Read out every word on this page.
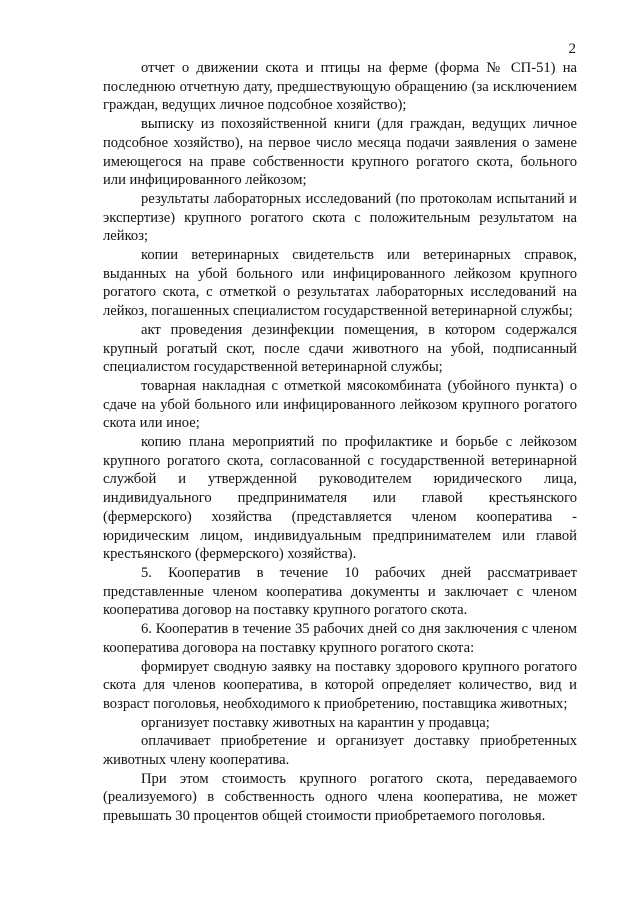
2

отчет о движении скота и птицы на ферме (форма № СП-51) на последнюю отчетную дату, предшествующую обращению (за исключением граждан, ведущих личное подсобное хозяйство);

выписку из похозяйственной книги (для граждан, ведущих личное подсобное хозяйство), на первое число месяца подачи заявления о замене имеющегося на праве собственности крупного рогатого скота, больного или инфицированного лейкозом;

результаты лабораторных исследований (по протоколам испытаний и экспертизе) крупного рогатого скота с положительным результатом на лейкоз;

копии ветеринарных свидетельств или ветеринарных справок, выданных на убой больного или инфицированного лейкозом крупного рогатого скота, с отметкой о результатах лабораторных исследований на лейкоз, погашенных специалистом государственной ветеринарной службы;

акт проведения дезинфекции помещения, в котором содержался крупный рогатый скот, после сдачи животного на убой, подписанный специалистом государственной ветеринарной службы;

товарная накладная с отметкой мясокомбината (убойного пункта) о сдаче на убой больного или инфицированного лейкозом крупного рогатого скота или иное;

копию плана мероприятий по профилактике и борьбе с лейкозом крупного рогатого скота, согласованной с государственной ветеринарной службой и утвержденной руководителем юридического лица, индивидуального предпринимателя или главой крестьянского (фермерского) хозяйства (представляется членом кооператива - юридическим лицом, индивидуальным предпринимателем или главой крестьянского (фермерского) хозяйства).

5. Кооператив в течение 10 рабочих дней рассматривает представленные членом кооператива документы и заключает с членом кооператива договор на поставку крупного рогатого скота.

6. Кооператив в течение 35 рабочих дней со дня заключения с членом кооператива договора на поставку крупного рогатого скота:

формирует сводную заявку на поставку здорового крупного рогатого скота для членов кооператива, в которой определяет количество, вид и возраст поголовья, необходимого к приобретению, поставщика животных;

организует поставку животных на карантин у продавца;

оплачивает приобретение и организует доставку приобретенных животных члену кооператива.

При этом стоимость крупного рогатого скота, передаваемого (реализуемого) в собственность одного члена кооператива, не может превышать 30 процентов общей стоимости приобретаемого поголовья.
